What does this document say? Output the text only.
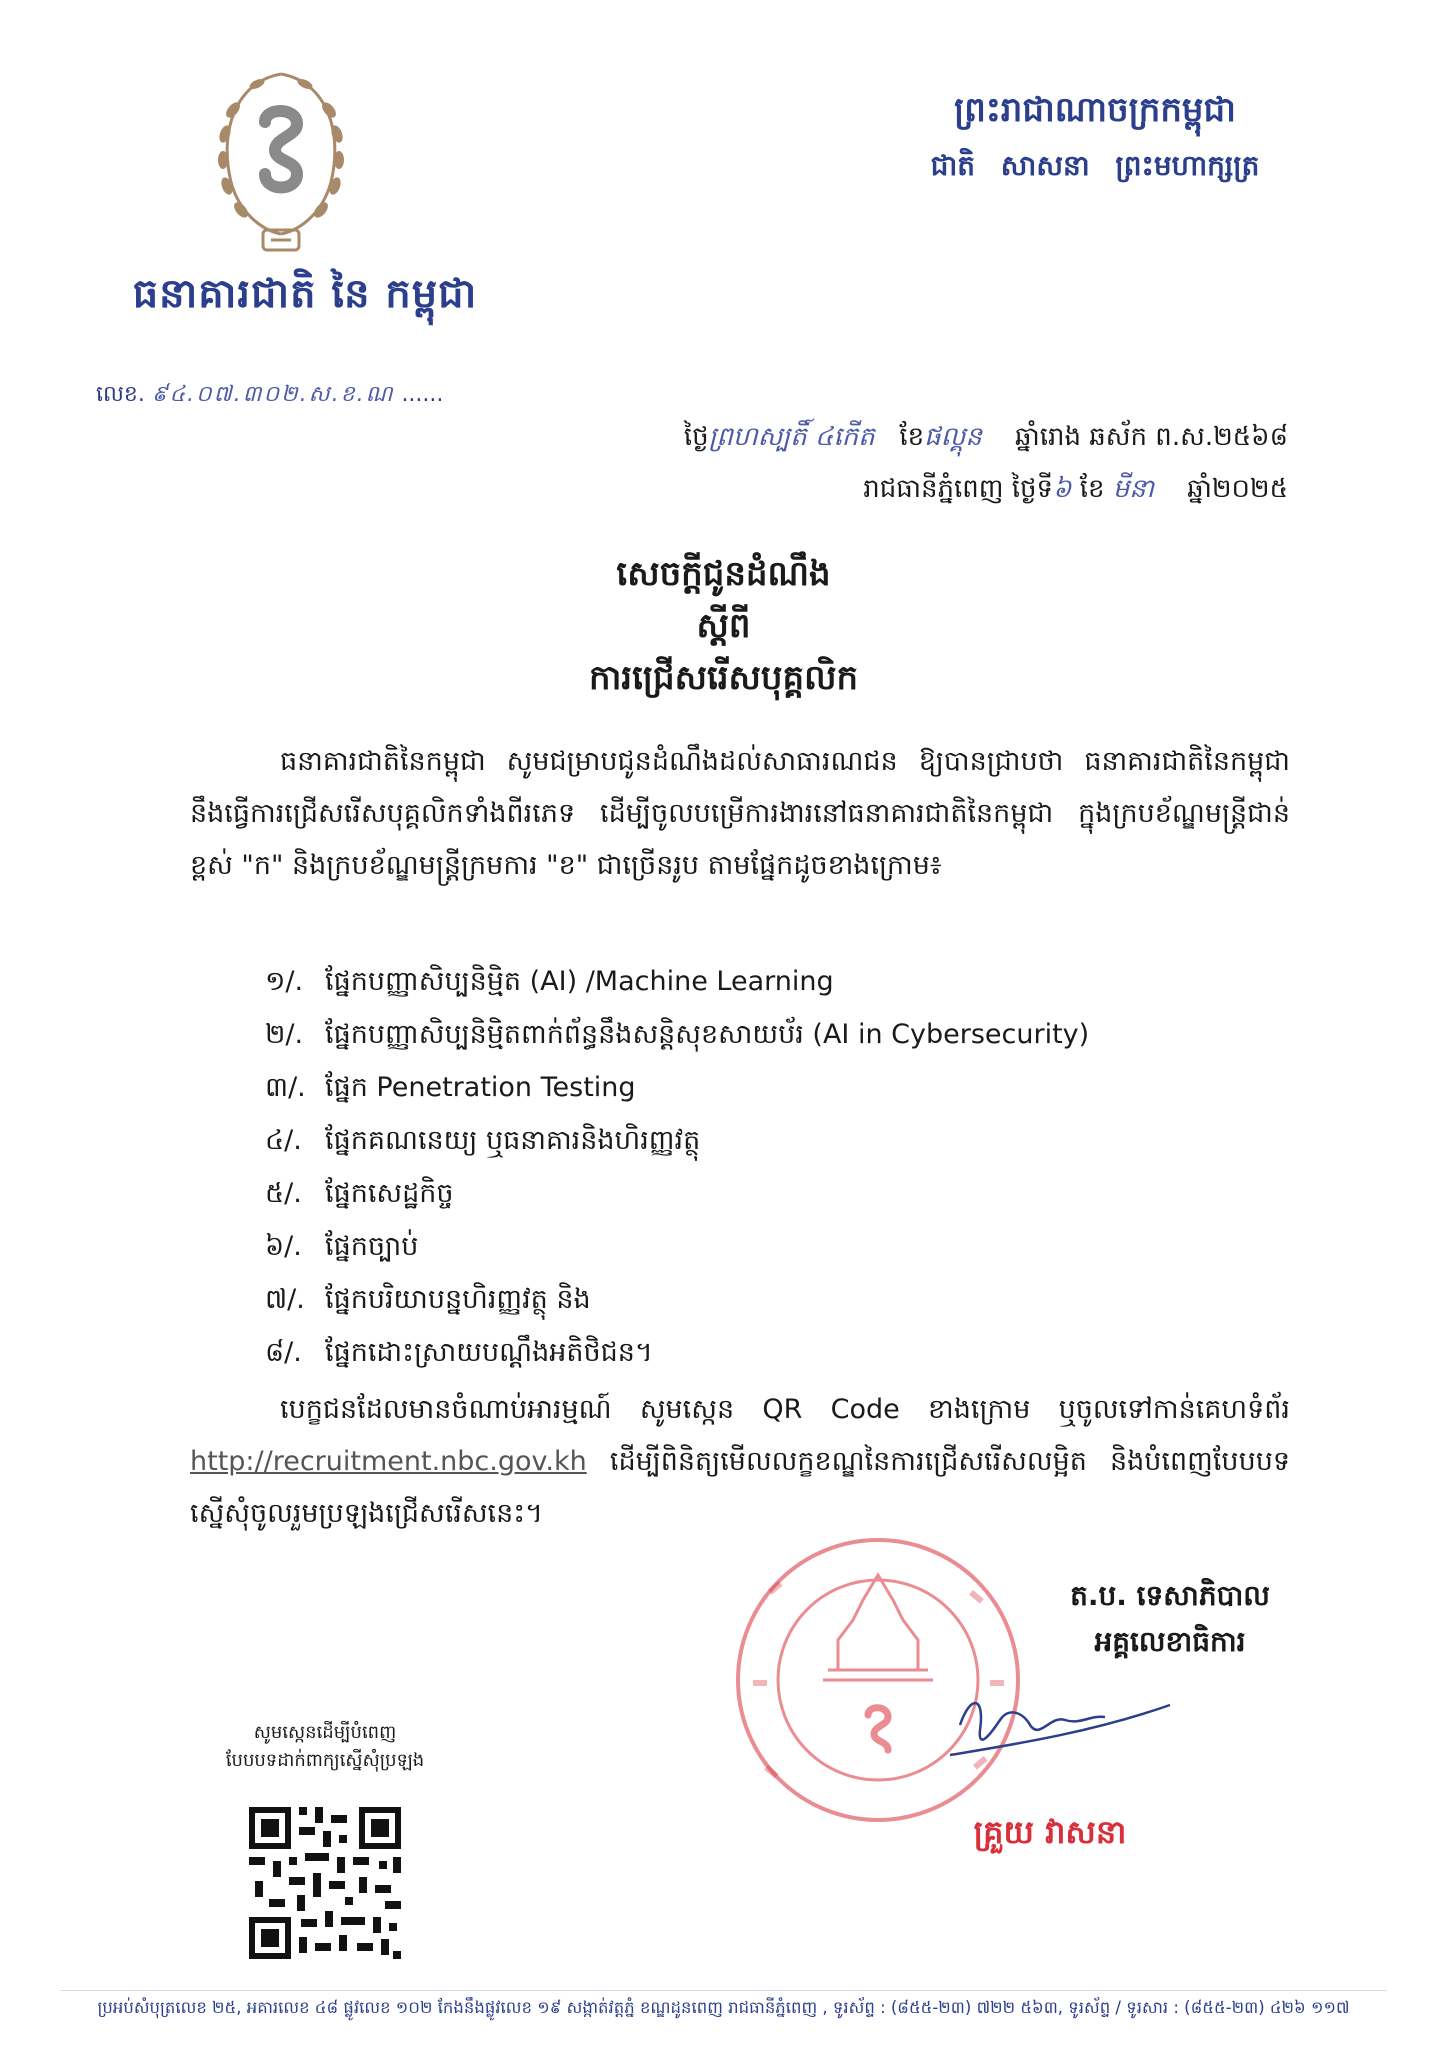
ធនាគារជាតិ នៃ កម្ពុជា
លេខ. ៩៤.០៧.៣០២.ស.ខ.ណ ......
ព្រះរាជាណាចក្រកម្ពុជា
ជាតិ សាសនា ព្រះមហាក្សត្រ
ថ្ងៃព្រហស្បតិ៍ ៤កើត ខែផល្គុន ឆ្នាំរោង ឆស័ក ព.ស.២៥៦៨
រាជធានីភ្នំពេញ ថ្ងៃទី៦ ខែ មីនា ឆ្នាំ២០២៥
សេចក្តីជូនដំណឹង
ស្តីពី
ការជ្រើសរើសបុគ្គលិក
ធនាគារជាតិនៃកម្ពុជា សូមជម្រាបជូនដំណឹងដល់សាធារណជន ឱ្យបានជ្រាបថា ធនាគារជាតិនៃកម្ពុជា នឹងធ្វើការជ្រើសរើសបុគ្គលិកទាំងពីរភេទ ដើម្បីចូលបម្រើការងារនៅធនាគារជាតិនៃកម្ពុជា ក្នុងក្របខ័ណ្ឌមន្ត្រីជាន់ខ្ពស់ "ក" និងក្របខ័ណ្ឌមន្ត្រីក្រមការ "ខ" ជាច្រើនរូប តាមផ្នែកដូចខាងក្រោម៖
១/. ផ្នែកបញ្ញាសិប្បនិម្មិត (AI) /Machine Learning
២/. ផ្នែកបញ្ញាសិប្បនិម្មិតពាក់ព័ន្ធនឹងសន្តិសុខសាយប័រ (AI in Cybersecurity)
៣/. ផ្នែក Penetration Testing
៤/. ផ្នែកគណនេយ្យ ឬធនាគារនិងហិរញ្ញវត្ថុ
៥/. ផ្នែកសេដ្ឋកិច្ច
៦/. ផ្នែកច្បាប់
៧/. ផ្នែកបរិយាបន្នហិរញ្ញវត្ថុ និង
៨/. ផ្នែកដោះស្រាយបណ្តឹងអតិថិជន។
បេក្ខជនដែលមានចំណាប់អារម្មណ៍ សូមស្កេន QR Code ខាងក្រោម ឬចូលទៅកាន់គេហទំព័រ http://recruitment.nbc.gov.kh ដើម្បីពិនិត្យមើលលក្ខខណ្ឌនៃការជ្រើសរើសលម្អិត និងបំពេញបែបបទ ស្នើសុំចូលរួមប្រឡងជ្រើសរើសនេះ។
ត.ប. ទេសាភិបាល
អគ្គលេខាធិការ
គ្រួយ វាសនា
សូមស្កេនដើម្បីបំពេញ
បែបបទដាក់ពាក្យស្នើសុំប្រឡង
ប្រអប់សំបុត្រលេខ ២៥, អគារលេខ ៤៨ ផ្លូវលេខ ១០២ កែងនឹងផ្លូវលេខ ១៩ សង្កាត់វត្តភ្នំ ខណ្ឌដូនពេញ រាជធានីភ្នំពេញ , ទូរស័ព្ទ : (៨៥៥-២៣) ៧២២ ៥៦៣, ទូរស័ព្ទ / ទូរសារ : (៨៥៥-២៣) ៤២៦ ១១៧
